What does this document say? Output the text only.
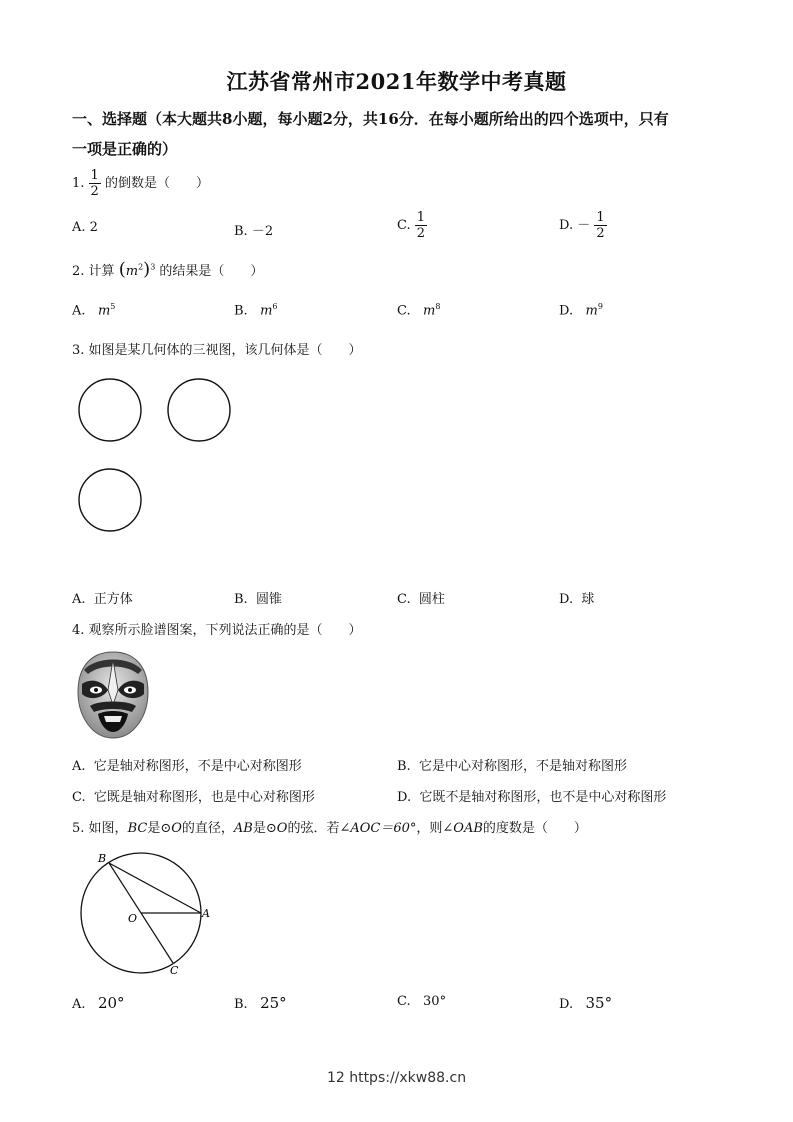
江苏省常州市2021年数学中考真题
一、选择题（本大题共8小题，每小题2分，共16分．在每小题所给出的四个选项中，只有
一项是正确的）
1. $\frac{1}{2}$ 的倒数是（　　）
A. 2	B. －2	C. $\frac{1}{2}$	D. － $\frac{1}{2}$
2. 计算 $(m^2)^3$ 的结果是（　　）
A. $m^5$	B. $m^6$	C. $m^8$	D. $m^9$
3. 如图是某几何体的三视图，该几何体是（　　）
A. 正方体	B. 圆锥	C. 圆柱	D. 球
4. 观察所示脸谱图案，下列说法正确的是（　　）
A. 它是轴对称图形，不是中心对称图形	B. 它是中心对称图形，不是轴对称图形
C. 它既是轴对称图形，也是中心对称图形	D. 它既不是轴对称图形，也不是中心对称图形
5. 如图，BC是⊙O的直径，AB是⊙O的弦．若∠AOC＝60°，则∠OAB的度数是（　　）
B
O	A
C
A. 20°	B. 25°	C. 30°	D. 35°
12 https://xkw88.cn
